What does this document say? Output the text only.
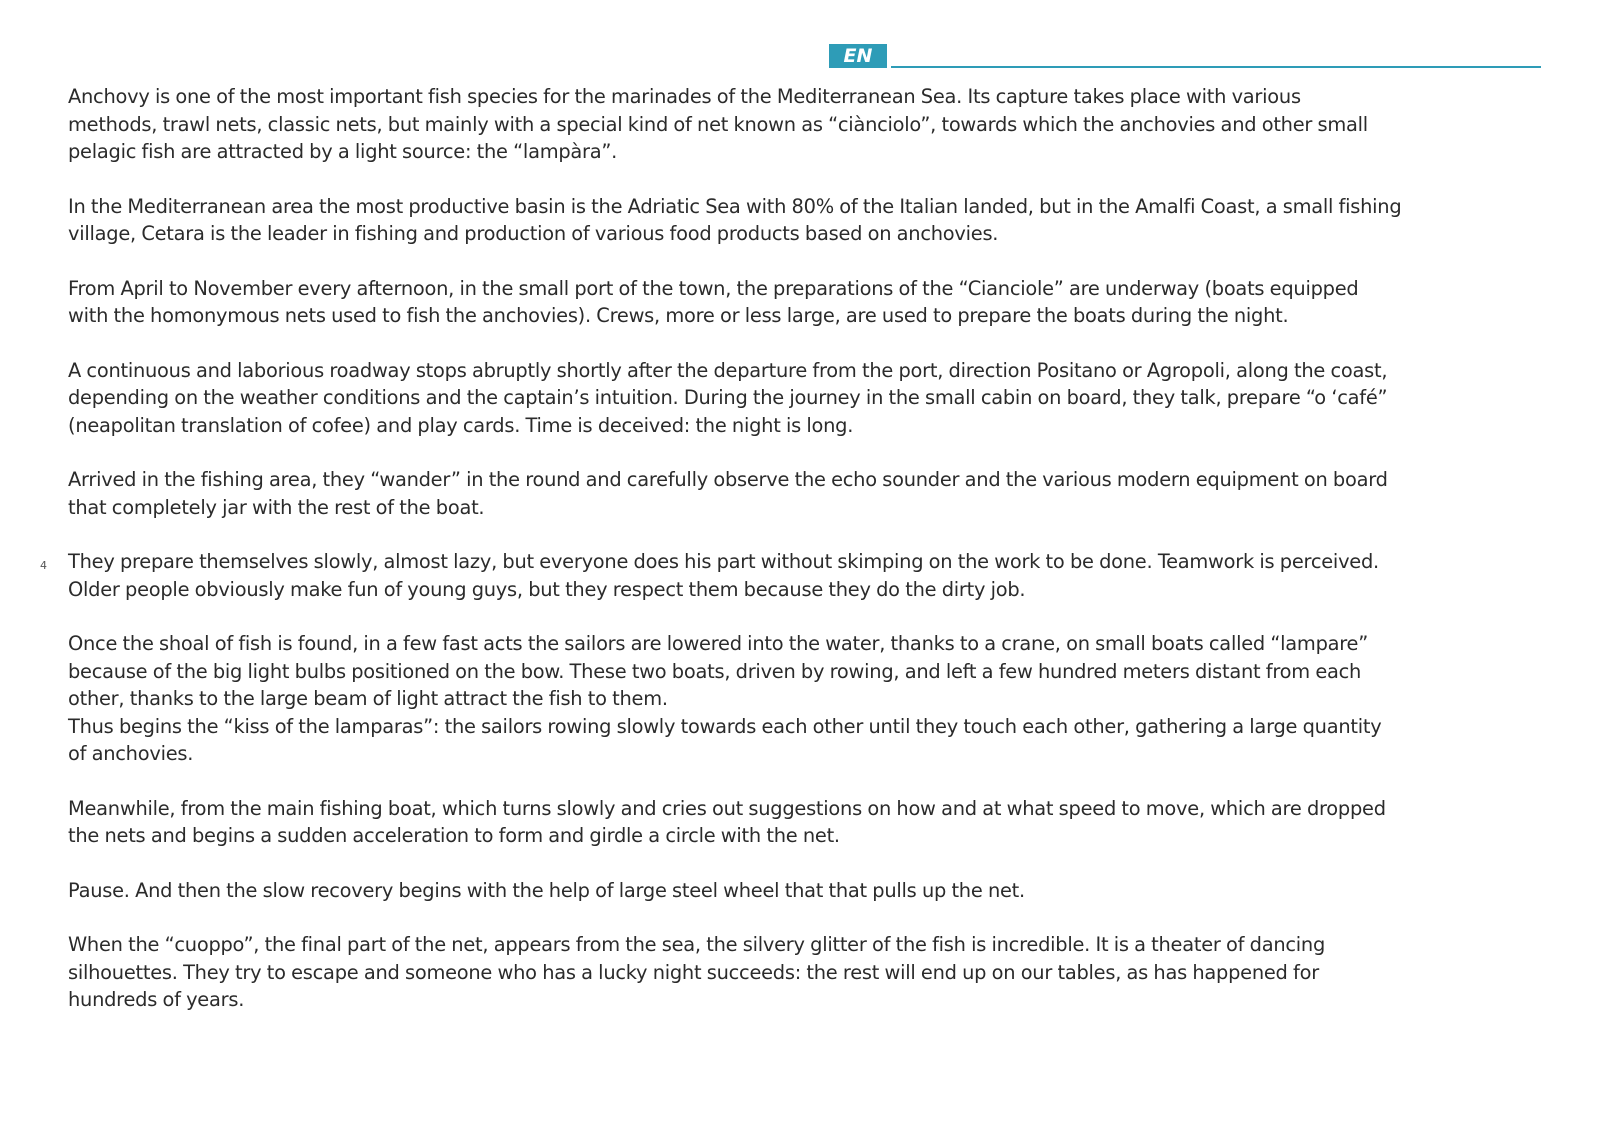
EN
4

Anchovy is one of the most important fish species for the marinades of the Mediterranean Sea. Its capture takes place with various
methods, trawl nets, classic nets, but mainly with a special kind of net known as “ciànciolo”, towards which the anchovies and other small
pelagic fish are attracted by a light source: the “lampàra”.

In the Mediterranean area the most productive basin is the Adriatic Sea with 80% of the Italian landed, but in the Amalfi Coast, a small fishing
village, Cetara is the leader in fishing and production of various food products based on anchovies.

From April to November every afternoon, in the small port of the town, the preparations of the “Cianciole” are underway (boats equipped
with the homonymous nets used to fish the anchovies). Crews, more or less large, are used to prepare the boats during the night.

A continuous and laborious roadway stops abruptly shortly after the departure from the port, direction Positano or Agropoli, along the coast,
depending on the weather conditions and the captain’s intuition. During the journey in the small cabin on board, they talk, prepare “o ‘café”
(neapolitan translation of cofee) and play cards. Time is deceived: the night is long.

Arrived in the fishing area, they “wander” in the round and carefully observe the echo sounder and the various modern equipment on board
that completely jar with the rest of the boat.

They prepare themselves slowly, almost lazy, but everyone does his part without skimping on the work to be done. Teamwork is perceived.
Older people obviously make fun of young guys, but they respect them because they do the dirty job.

Once the shoal of fish is found, in a few fast acts the sailors are lowered into the water, thanks to a crane, on small boats called “lampare”
because of the big light bulbs positioned on the bow. These two boats, driven by rowing, and left a few hundred meters distant from each
other, thanks to the large beam of light attract the fish to them.
Thus begins the “kiss of the lamparas”: the sailors rowing slowly towards each other until they touch each other, gathering a large quantity
of anchovies.

Meanwhile, from the main fishing boat, which turns slowly and cries out suggestions on how and at what speed to move, which are dropped
the nets and begins a sudden acceleration to form and girdle a circle with the net.

Pause. And then the slow recovery begins with the help of large steel wheel that that pulls up the net.

When the “cuoppo”, the final part of the net, appears from the sea, the silvery glitter of the fish is incredible. It is a theater of dancing
silhouettes. They try to escape and someone who has a lucky night succeeds: the rest will end up on our tables, as has happened for
hundreds of years.
